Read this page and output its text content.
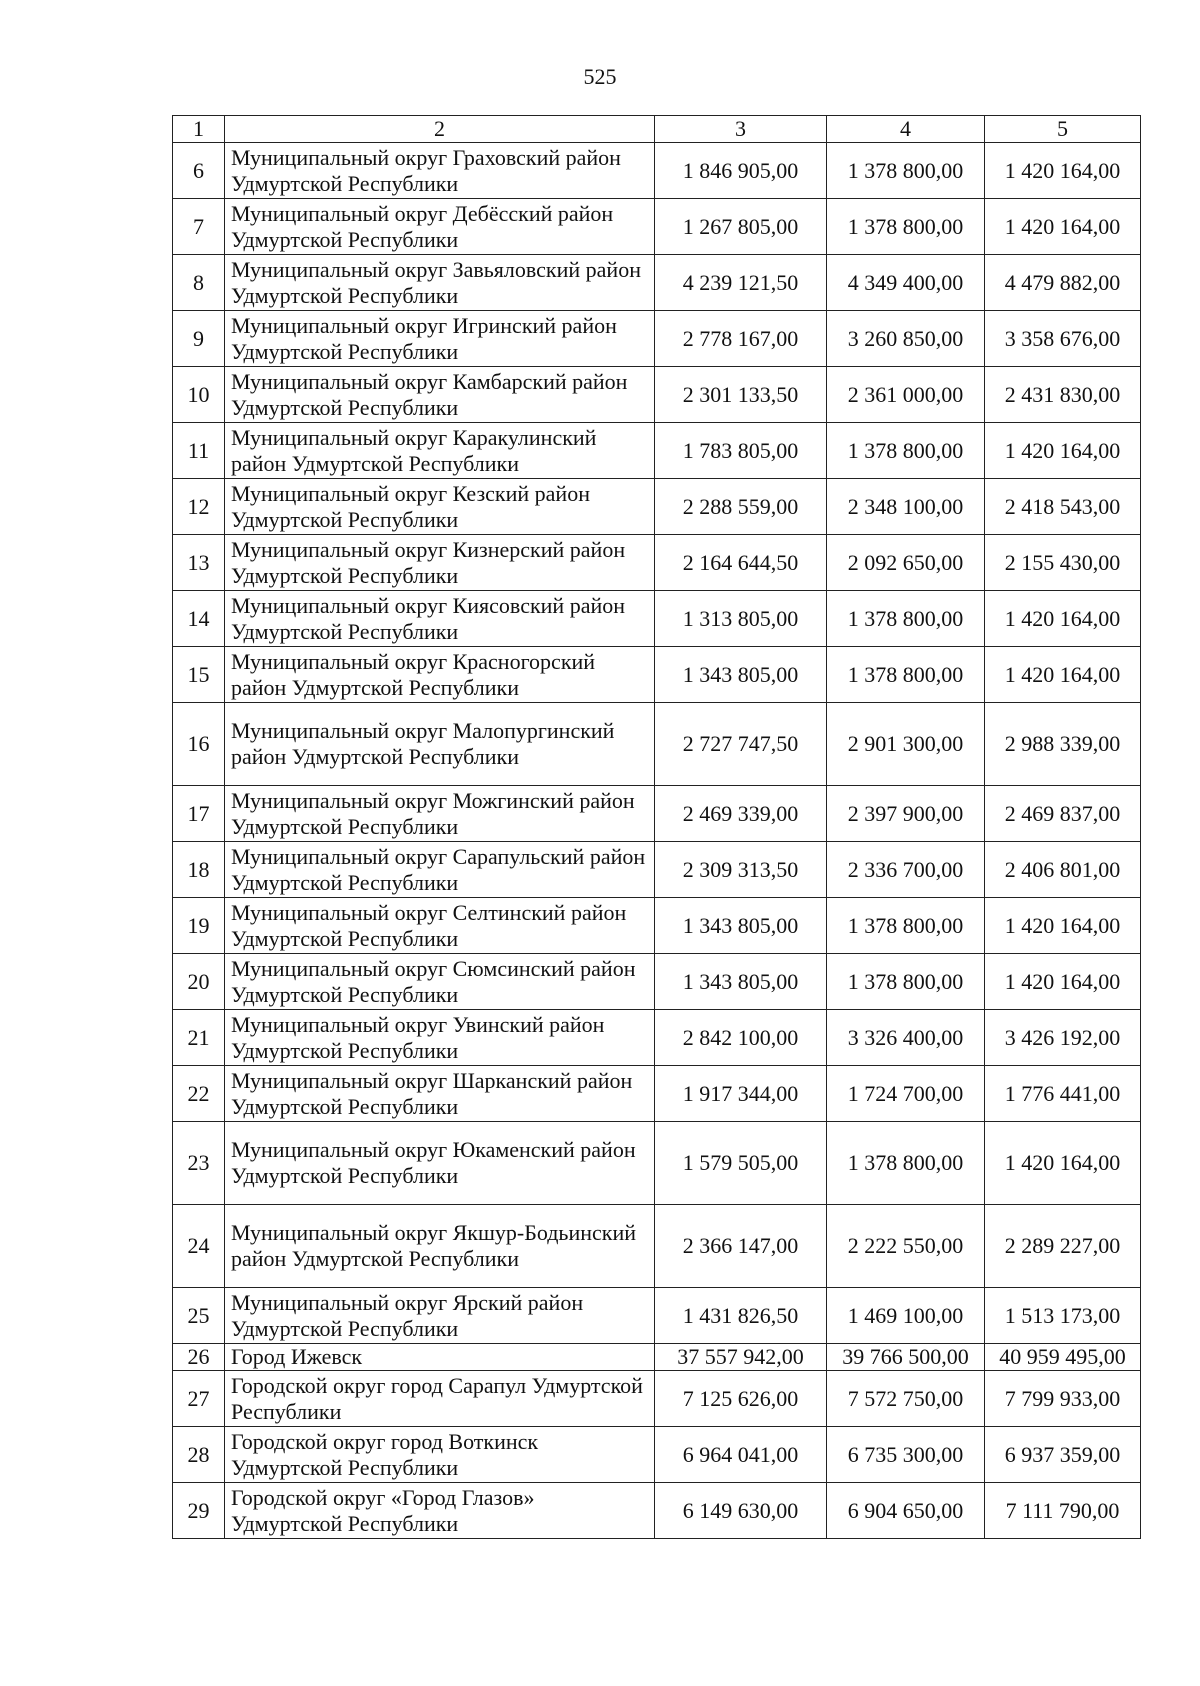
525
1	2	3	4	5
6	Муниципальный округ Граховский район Удмуртской Республики	1 846 905,00	1 378 800,00	1 420 164,00
7	Муниципальный округ Дебёсский район Удмуртской Республики	1 267 805,00	1 378 800,00	1 420 164,00
8	Муниципальный округ Завьяловский район Удмуртской Республики	4 239 121,50	4 349 400,00	4 479 882,00
9	Муниципальный округ Игринский район Удмуртской Республики	2 778 167,00	3 260 850,00	3 358 676,00
10	Муниципальный округ Камбарский район Удмуртской Республики	2 301 133,50	2 361 000,00	2 431 830,00
11	Муниципальный округ Каракулинский район Удмуртской Республики	1 783 805,00	1 378 800,00	1 420 164,00
12	Муниципальный округ Кезский район Удмуртской Республики	2 288 559,00	2 348 100,00	2 418 543,00
13	Муниципальный округ Кизнерский район Удмуртской Республики	2 164 644,50	2 092 650,00	2 155 430,00
14	Муниципальный округ Киясовский район Удмуртской Республики	1 313 805,00	1 378 800,00	1 420 164,00
15	Муниципальный округ Красногорский район Удмуртской Республики	1 343 805,00	1 378 800,00	1 420 164,00
16	Муниципальный округ Малопургинский район Удмуртской Республики	2 727 747,50	2 901 300,00	2 988 339,00
17	Муниципальный округ Можгинский район Удмуртской Республики	2 469 339,00	2 397 900,00	2 469 837,00
18	Муниципальный округ Сарапульский район Удмуртской Республики	2 309 313,50	2 336 700,00	2 406 801,00
19	Муниципальный округ Селтинский район Удмуртской Республики	1 343 805,00	1 378 800,00	1 420 164,00
20	Муниципальный округ Сюмсинский район Удмуртской Республики	1 343 805,00	1 378 800,00	1 420 164,00
21	Муниципальный округ Увинский район Удмуртской Республики	2 842 100,00	3 326 400,00	3 426 192,00
22	Муниципальный округ Шарканский район Удмуртской Республики	1 917 344,00	1 724 700,00	1 776 441,00
23	Муниципальный округ Юкаменский район Удмуртской Республики	1 579 505,00	1 378 800,00	1 420 164,00
24	Муниципальный округ Якшур-Бодьинский район Удмуртской Республики	2 366 147,00	2 222 550,00	2 289 227,00
25	Муниципальный округ Ярский район Удмуртской Республики	1 431 826,50	1 469 100,00	1 513 173,00
26	Город Ижевск	37 557 942,00	39 766 500,00	40 959 495,00
27	Городской округ город Сарапул Удмуртской Республики	7 125 626,00	7 572 750,00	7 799 933,00
28	Городской округ город Воткинск Удмуртской Республики	6 964 041,00	6 735 300,00	6 937 359,00
29	Городской округ «Город Глазов» Удмуртской Республики	6 149 630,00	6 904 650,00	7 111 790,00
